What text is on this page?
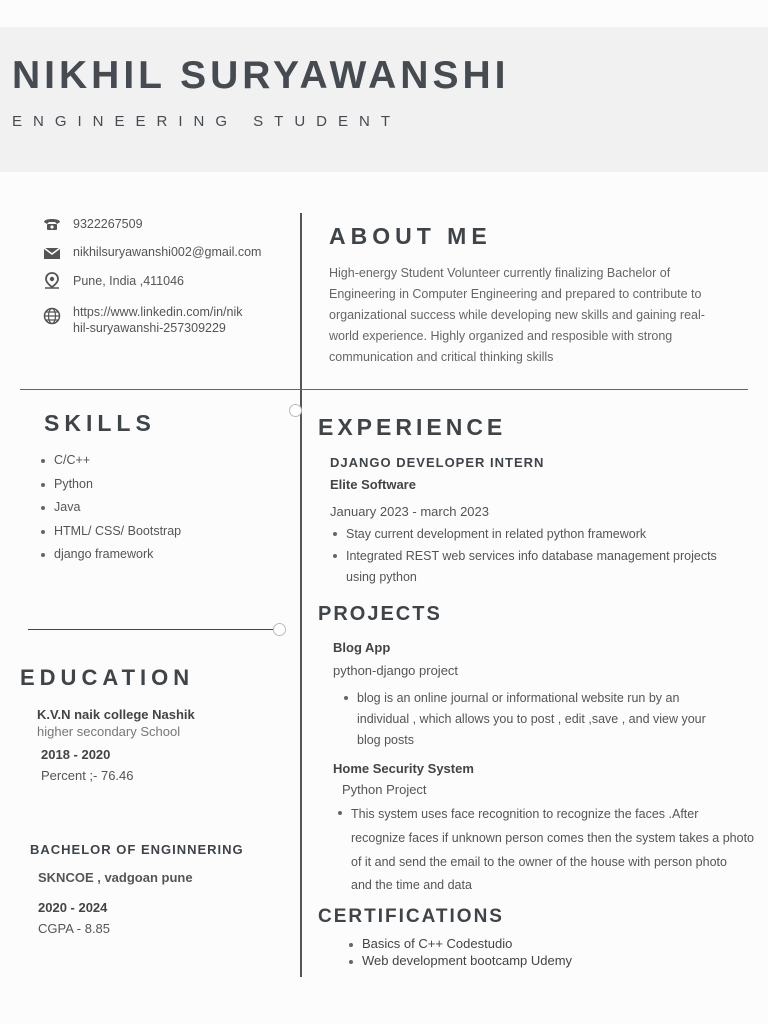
NIKHIL SURYAWANSHI
ENGINEERING STUDENT
9322267509
nikhilsuryawanshi002@gmail.com
Pune, India ,411046
https://www.linkedin.com/in/nik
hil-suryawanshi-257309229
ABOUT ME
High-energy Student Volunteer currently finalizing Bachelor of
Engineering in Computer Engineering and prepared to contribute to
organizational success while developing new skills and gaining real-
world experience. Highly organized and resposible with strong
communication and critical thinking skills
SKILLS
C/C++
Python
Java
HTML/ CSS/ Bootstrap
django framework
EXPERIENCE
DJANGO DEVELOPER INTERN
Elite Software
January 2023 - march 2023
Stay current development in related python framework
Integrated REST web services info database management projects
using python
PROJECTS
Blog App
python-django project
blog is an online journal or informational website run by an
individual , which allows you to post , edit ,save , and view your
blog posts
Home Security System
Python Project
This system uses face recognition to recognize the faces .After
recognize faces if unknown person comes then the system takes a photo
of it and send the email to the owner of the house with person photo
and the time and data
EDUCATION
K.V.N naik college Nashik
higher secondary School
2018 - 2020
Percent ;- 76.46
BACHELOR OF ENGINNERING
SKNCOE , vadgoan pune
2020 - 2024
CGPA - 8.85
CERTIFICATIONS
Basics of C++ Codestudio
Web development bootcamp Udemy
